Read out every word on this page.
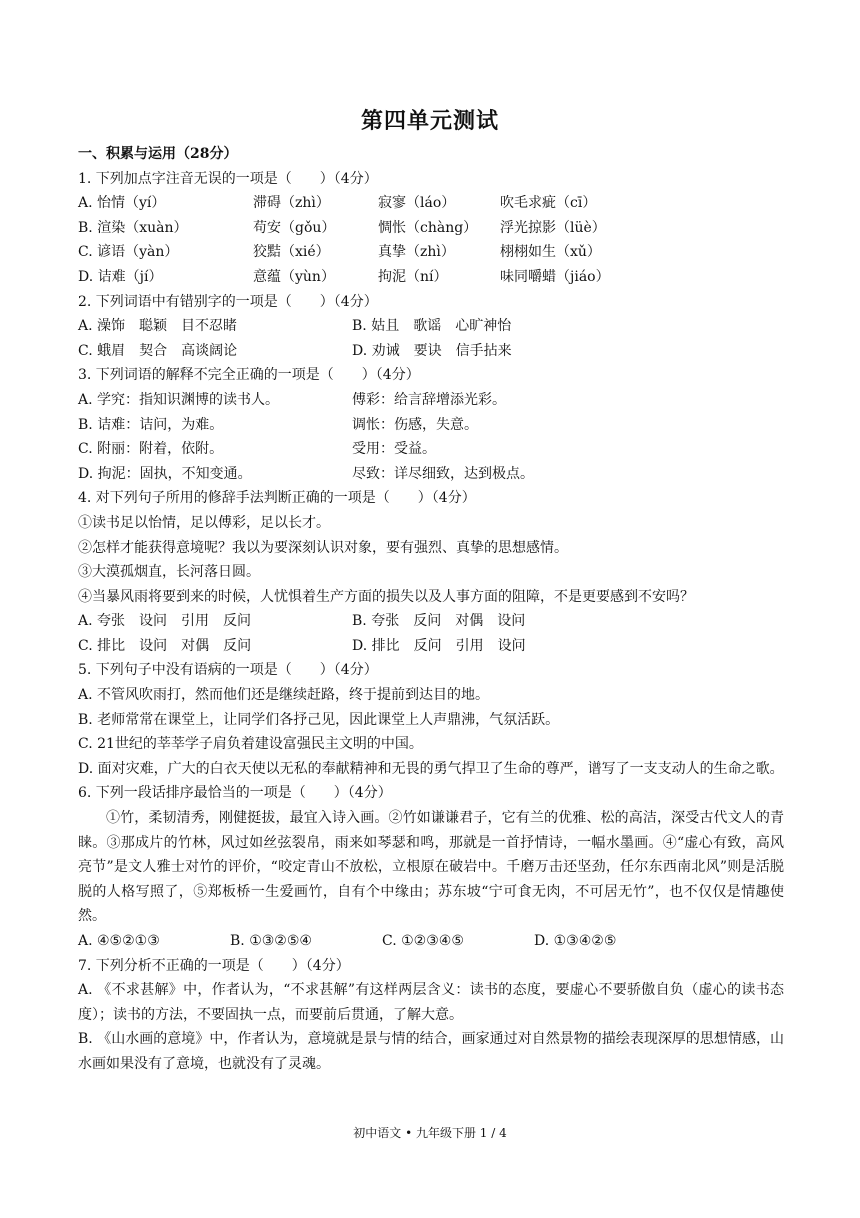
第四单元测试
一、积累与运用（28分）
1. 下列加点字注音无误的一项是（　　）（4分）
A. 怡情（yí）	滞碍（zhì）	寂寥（láo）	吹毛求疵（cī）
B. 渲染（xuàn）	苟安（gǒu）	惆怅（chàng）	浮光掠影（lüè）
C. 谚语（yàn）	狡黠（xié）	真挚（zhì）	栩栩如生（xǔ）
D. 诘难（jí）	意蕴（yùn）	拘泥（ní）	味同嚼蜡（jiáo）
2. 下列词语中有错别字的一项是（　　）（4分）
A. 澡饰　聪颖　目不忍睹	B. 姑且　歌谣　心旷神怡
C. 蛾眉　契合　高谈阔论	D. 劝诫　要诀　信手拈来
3. 下列词语的解释不完全正确的一项是（　　）（4分）
A. 学究：指知识渊博的读书人。	傅彩：给言辞增添光彩。
B. 诘难：诘问，为难。	调怅：伤感，失意。
C. 附丽：附着，依附。	受用：受益。
D. 拘泥：固执，不知变通。	尽致：详尽细致，达到极点。
4. 对下列句子所用的修辞手法判断正确的一项是（　　）（4分）
①读书足以怡情，足以傅彩，足以长才。
②怎样才能获得意境呢？我以为要深刻认识对象，要有强烈、真挚的思想感情。
③大漠孤烟直，长河落日圆。
④当暴风雨将要到来的时候，人忧惧着生产方面的损失以及人事方面的阻障，不是更要感到不安吗？
A. 夸张　设问　引用　反问	B. 夸张　反问　对偶　设问
C. 排比　设问　对偶　反问	D. 排比　反问　引用　设问
5. 下列句子中没有语病的一项是（　　）（4分）
A. 不管风吹雨打，然而他们还是继续赶路，终于提前到达目的地。
B. 老师常常在课堂上，让同学们各抒己见，因此课堂上人声鼎沸，气氛活跃。
C. 21世纪的莘莘学子肩负着建设富强民主文明的中国。
D. 面对灾难，广大的白衣天使以无私的奉献精神和无畏的勇气捍卫了生命的尊严，谱写了一支支动人的生命之歌。
6. 下列一段话排序最恰当的一项是（　　）（4分）
①竹，柔韧清秀，刚健挺拔，最宜入诗入画。②竹如谦谦君子，它有兰的优雅、松的高洁，深受古代文人的青睐。③那成片的竹林，风过如丝弦裂帛，雨来如琴瑟和鸣，那就是一首抒情诗，一幅水墨画。④“虚心有致，高风亮节”是文人雅士对竹的评价，“咬定青山不放松，立根原在破岩中。千磨万击还坚劲，任尔东西南北风”则是活脱脱的人格写照了，⑤郑板桥一生爱画竹，自有个中缘由；苏东坡“宁可食无肉，不可居无竹”，也不仅仅是情趣使然。
A. ④⑤②①③	B. ①③②⑤④	C. ①②③④⑤	D. ①③④②⑤
7. 下列分析不正确的一项是（　　）（4分）
A. 《不求甚解》中，作者认为，“不求甚解”有这样两层含义：读书的态度，要虚心不要骄傲自负（虚心的读书态度）；读书的方法，不要固执一点，而要前后贯通，了解大意。
B. 《山水画的意境》中，作者认为，意境就是景与情的结合，画家通过对自然景物的描绘表现深厚的思想情感，山水画如果没有了意境，也就没有了灵魂。
初中语文 • 九年级下册 1 / 4
